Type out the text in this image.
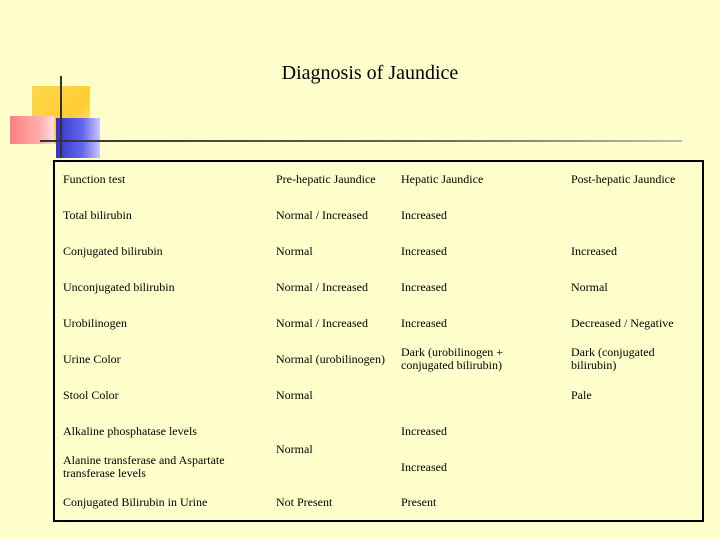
Diagnosis of Jaundice
Function test	Pre-hepatic Jaundice	Hepatic Jaundice	Post-hepatic Jaundice
Total bilirubin	Normal / Increased	Increased	
Conjugated bilirubin	Normal	Increased	Increased
Unconjugated bilirubin	Normal / Increased	Increased	Normal
Urobilinogen	Normal / Increased	Increased	Decreased / Negative
Urine Color	Normal (urobilinogen)	Dark (urobilinogen + conjugated bilirubin)	Dark (conjugated bilirubin)
Stool Color	Normal		Pale
Alkaline phosphatase levels	Normal	Increased	
Alanine transferase and Aspartate transferase levels		Increased	
Conjugated Bilirubin in Urine	Not Present	Present	
